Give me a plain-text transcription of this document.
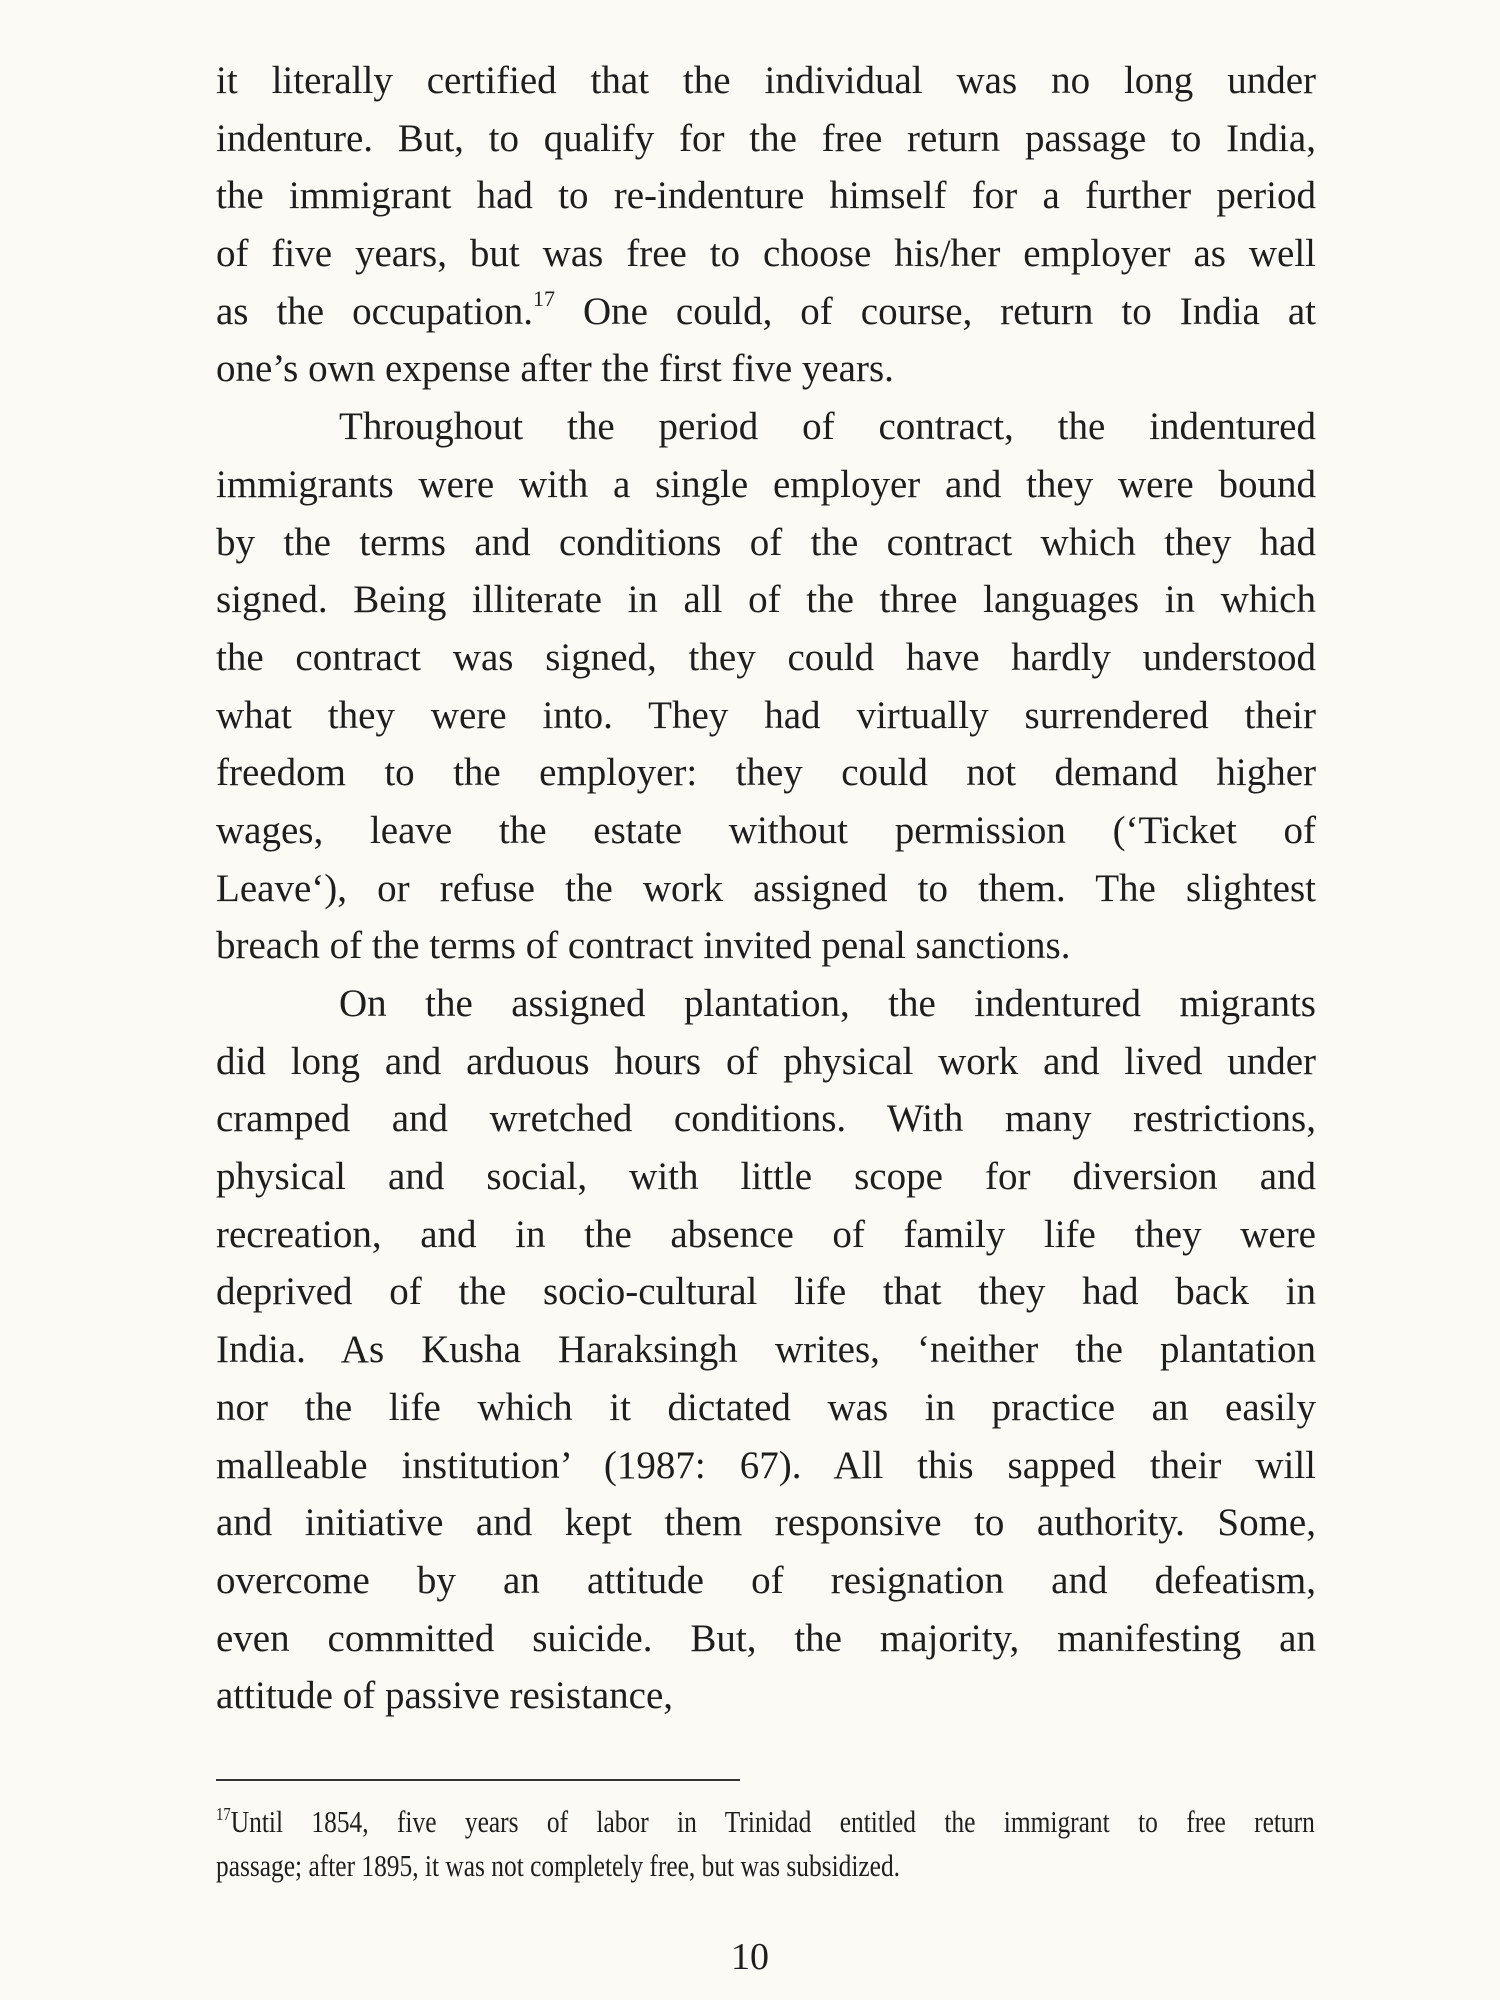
it literally certified that the individual was no long under
indenture. But, to qualify for the free return passage to India,
the immigrant had to re-indenture himself for a further period
of five years, but was free to choose his/her employer as well
as the occupation.$^{17}$ One could, of course, return to India at
one’s own expense after the first five years.
Throughout the period of contract, the indentured
immigrants were with a single employer and they were bound
by the terms and conditions of the contract which they had
signed. Being illiterate in all of the three languages in which
the contract was signed, they could have hardly understood
what they were into. They had virtually surrendered their
freedom to the employer: they could not demand higher
wages, leave the estate without permission (‘Ticket of
Leave‘), or refuse the work assigned to them. The slightest
breach of the terms of contract invited penal sanctions.
On the assigned plantation, the indentured migrants
did long and arduous hours of physical work and lived under
cramped and wretched conditions. With many restrictions,
physical and social, with little scope for diversion and
recreation, and in the absence of family life they were
deprived of the socio-cultural life that they had back in
India. As Kusha Haraksingh writes, ‘neither the plantation
nor the life which it dictated was in practice an easily
malleable institution’ (1987: 67). All this sapped their will
and initiative and kept them responsive to authority. Some,
overcome by an attitude of resignation and defeatism,
even committed suicide. But, the majority, manifesting an
attitude of passive resistance,
$^{17}$Until 1854, five years of labor in Trinidad entitled the immigrant to free return
passage; after 1895, it was not completely free, but was subsidized.
10
